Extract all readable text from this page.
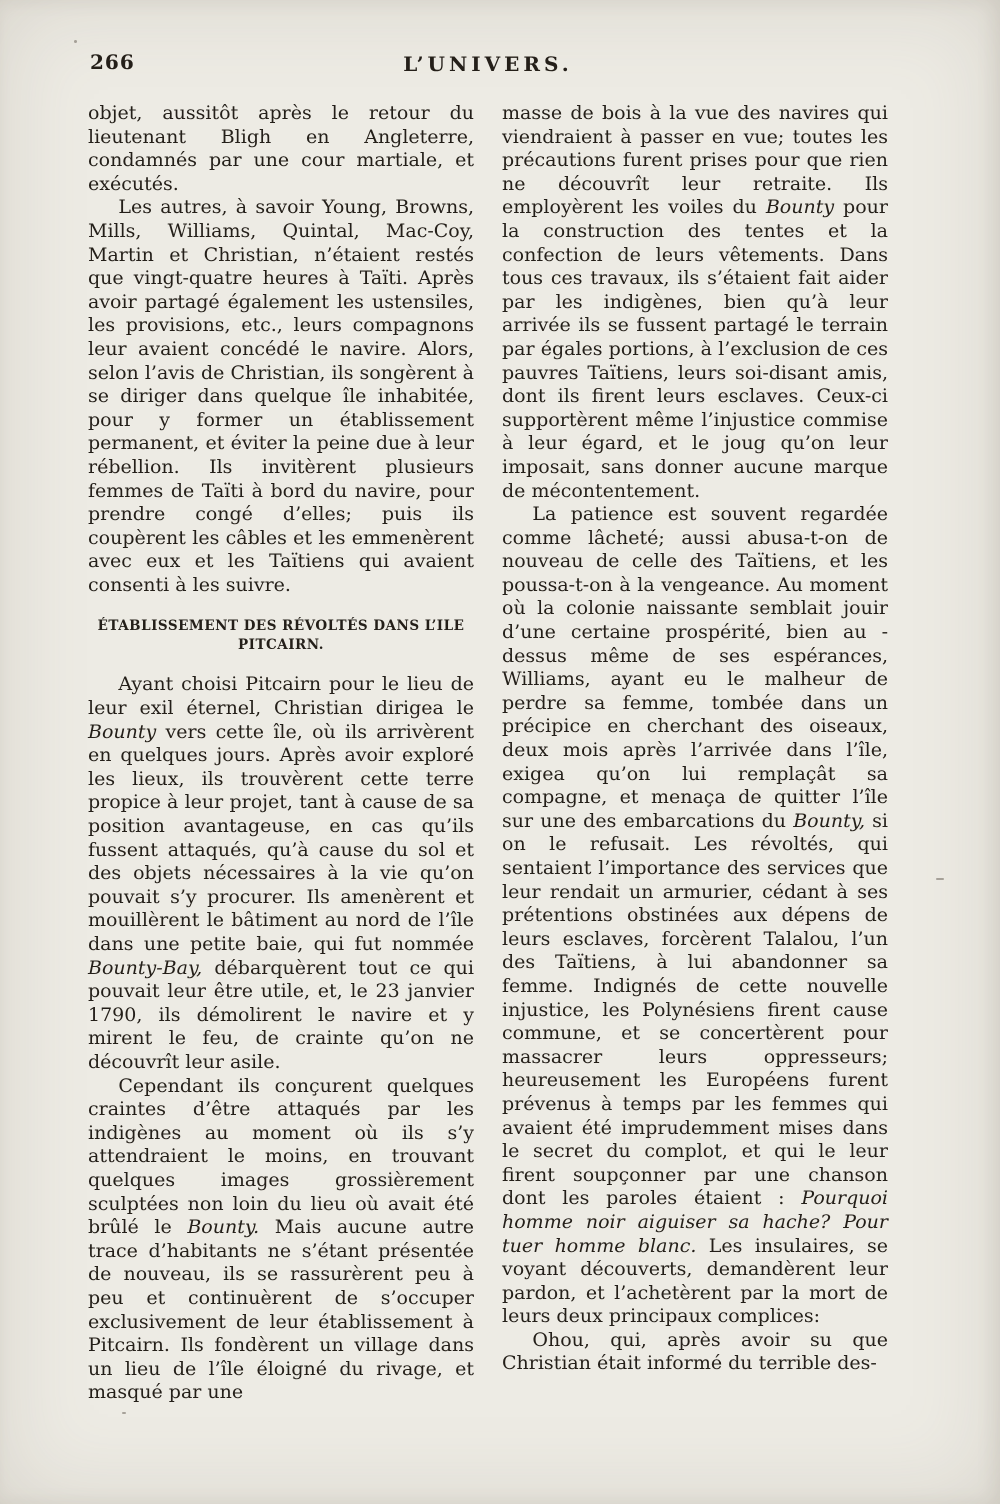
266	L’UNIVERS.

objet, aussitôt après le retour du lieutenant Bligh en Angleterre, condamnés par une cour martiale, et exécutés.

Les autres, à savoir Young, Browns, Mills, Williams, Quintal, Mac-Coy, Martin et Christian, n’étaient restés que vingt-quatre heures à Taïti. Après avoir partagé également les ustensiles, les provisions, etc., leurs compagnons leur avaient concédé le navire. Alors, selon l’avis de Christian, ils songèrent à se diriger dans quelque île inhabitée, pour y former un établissement permanent, et éviter la peine due à leur rébellion. Ils invitèrent plusieurs femmes de Taïti à bord du navire, pour prendre congé d’elles; puis ils coupèrent les câbles et les emmenèrent avec eux et les Taïtiens qui avaient consenti à les suivre.

ÉTABLISSEMENT DES RÉVOLTÉS DANS L’ILE PITCAIRN.

Ayant choisi Pitcairn pour le lieu de leur exil éternel, Christian dirigea le Bounty vers cette île, où ils arrivèrent en quelques jours. Après avoir exploré les lieux, ils trouvèrent cette terre propice à leur projet, tant à cause de sa position avantageuse, en cas qu’ils fussent attaqués, qu’à cause du sol et des objets nécessaires à la vie qu’on pouvait s’y procurer. Ils amenèrent et mouillèrent le bâtiment au nord de l’île dans une petite baie, qui fut nommée Bounty-Bay, débarquèrent tout ce qui pouvait leur être utile, et, le 23 janvier 1790, ils démolirent le navire et y mirent le feu, de crainte qu’on ne découvrît leur asile.

Cependant ils conçurent quelques craintes d’être attaqués par les indigènes au moment où ils s’y attendraient le moins, en trouvant quelques images grossièrement sculptées non loin du lieu où avait été brûlé le Bounty. Mais aucune autre trace d’habitants ne s’étant présentée de nouveau, ils se rassurèrent peu à peu et continuèrent de s’occuper exclusivement de leur établissement à Pitcairn. Ils fondèrent un village dans un lieu de l’île éloigné du rivage, et masqué par une

masse de bois à la vue des navires qui viendraient à passer en vue; toutes les précautions furent prises pour que rien ne découvrît leur retraite. Ils employèrent les voiles du Bounty pour la construction des tentes et la confection de leurs vêtements. Dans tous ces travaux, ils s’étaient fait aider par les indigènes, bien qu’à leur arrivée ils se fussent partagé le terrain par égales portions, à l’exclusion de ces pauvres Taïtiens, leurs soi-disant amis, dont ils firent leurs esclaves. Ceux-ci supportèrent même l’injustice commise à leur égard, et le joug qu’on leur imposait, sans donner aucune marque de mécontentement.

La patience est souvent regardée comme lâcheté; aussi abusa-t-on de nouveau de celle des Taïtiens, et les poussa-t-on à la vengeance. Au moment où la colonie naissante semblait jouir d’une certaine prospérité, bien au - dessus même de ses espérances, Williams, ayant eu le malheur de perdre sa femme, tombée dans un précipice en cherchant des oiseaux, deux mois après l’arrivée dans l’île, exigea qu’on lui remplaçât sa compagne, et menaça de quitter l’île sur une des embarcations du Bounty, si on le refusait. Les révoltés, qui sentaient l’importance des services que leur rendait un armurier, cédant à ses prétentions obstinées aux dépens de leurs esclaves, forcèrent Talalou, l’un des Taïtiens, à lui abandonner sa femme. Indignés de cette nouvelle injustice, les Polynésiens firent cause commune, et se concertèrent pour massacrer leurs oppresseurs; heureusement les Européens furent prévenus à temps par les femmes qui avaient été imprudemment mises dans le secret du complot, et qui le leur firent soupçonner par une chanson dont les paroles étaient : Pourquoi homme noir aiguiser sa hache? Pour tuer homme blanc. Les insulaires, se voyant découverts, demandèrent leur pardon, et l’achetèrent par la mort de leurs deux principaux complices:

Ohou, qui, après avoir su que Christian était informé du terrible des-
